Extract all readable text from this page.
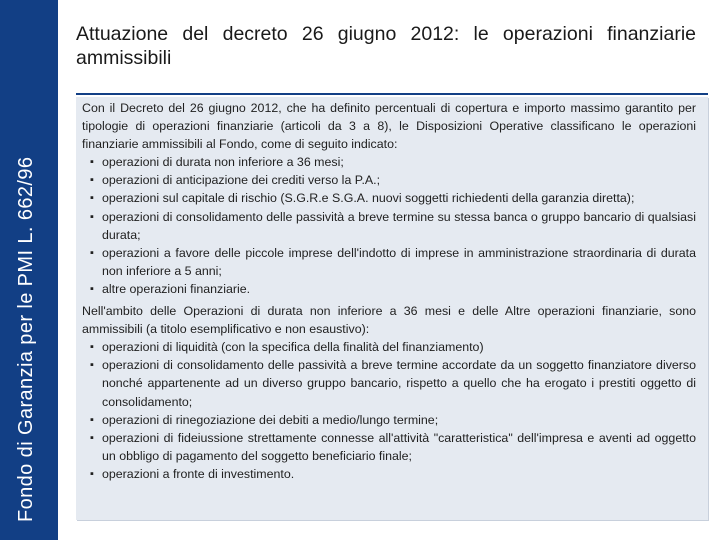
Fondo di Garanzia per le PMI L. 662/96
Attuazione del decreto 26 giugno 2012: le operazioni finanziarie ammissibili

Con il Decreto del 26 giugno 2012, che ha definito percentuali di copertura e importo massimo garantito per tipologie di operazioni finanziarie (articoli da 3 a 8), le Disposizioni Operative classificano le operazioni finanziarie ammissibili al Fondo, come di seguito indicato:

▪ operazioni di durata non inferiore a 36 mesi;
▪ operazioni di anticipazione dei crediti verso la P.A.;
▪ operazioni sul capitale di rischio (S.G.R.e S.G.A. nuovi soggetti richiedenti della garanzia diretta);
▪ operazioni di consolidamento delle passività a breve termine su stessa banca o gruppo bancario di qualsiasi durata;
▪ operazioni a favore delle piccole imprese dell'indotto di imprese in amministrazione straordinaria di durata non inferiore a 5 anni;
▪ altre operazioni finanziarie.

Nell'ambito delle Operazioni di durata non inferiore a 36 mesi e delle Altre operazioni finanziarie, sono ammissibili (a titolo esemplificativo e non esaustivo):

▪ operazioni di liquidità (con la specifica della finalità del finanziamento)
▪ operazioni di consolidamento delle passività a breve termine accordate da un soggetto finanziatore diverso nonché appartenente ad un diverso gruppo bancario, rispetto a quello che ha erogato i prestiti oggetto di consolidamento;
▪ operazioni di rinegoziazione dei debiti a medio/lungo termine;
▪ operazioni di fideiussione strettamente connesse all'attività "caratteristica" dell'impresa e aventi ad oggetto un obbligo di pagamento del soggetto beneficiario finale;
▪ operazioni a fronte di investimento.
